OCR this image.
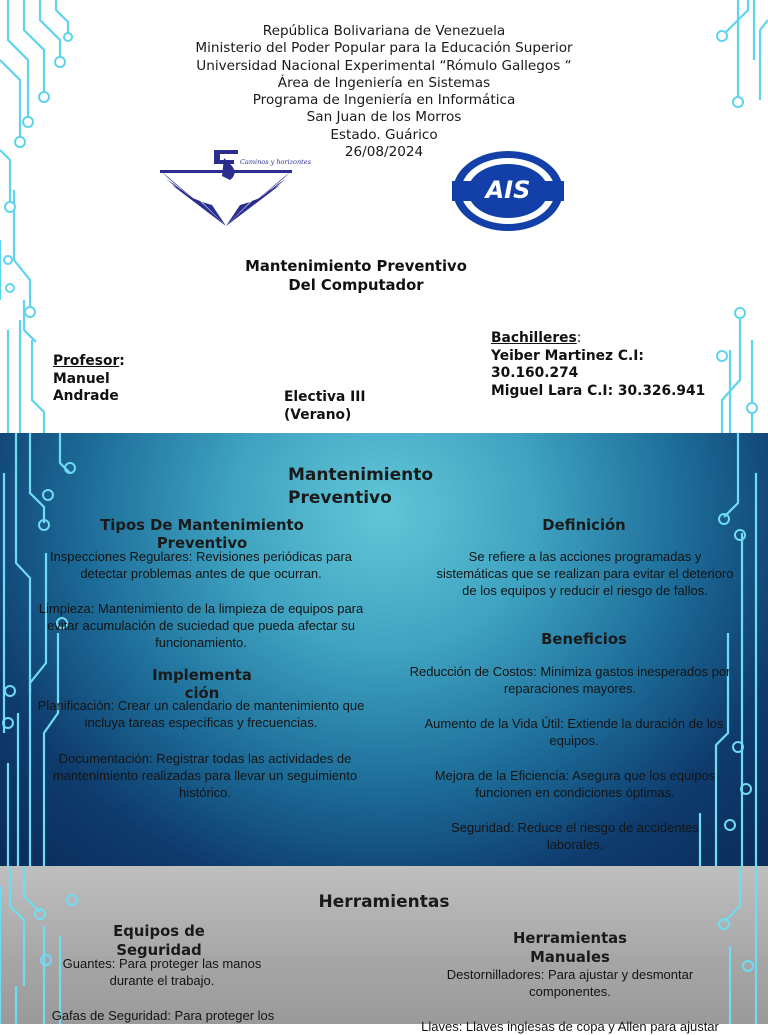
República Bolivariana de Venezuela
Ministerio del Poder Popular para la Educación Superior
Universidad Nacional Experimental “Rómulo Gallegos “
Área de Ingeniería en Sistemas
Programa de Ingeniería en Informática
San Juan de los Morros
Estado. Guárico
26/08/2024
Caminos y horizontes
AIS
Mantenimiento Preventivo
Del Computador
Profesor:
Manuel
Andrade	Electiva III
(Verano)
Bachilleres:
Yeiber Martinez C.I:
30.160.274
Miguel Lara C.I: 30.326.941
Mantenimiento
Preventivo
Tipos De Mantenimiento
Preventivo
Inspecciones Regulares: Revisiones periódicas para detectar problemas antes de que ocurran.
Limpieza: Mantenimiento de la limpieza de equipos para evitar acumulación de suciedad que pueda afectar su funcionamiento.
Implementa
ción
Planificación: Crear un calendario de mantenimiento que incluya tareas específicas y frecuencias.
Documentación: Registrar todas las actividades de mantenimiento realizadas para llevar un seguimiento histórico.
Definición
Se refiere a las acciones programadas y sistemáticas que se realizan para evitar el deterioro de los equipos y reducir el riesgo de fallos.
Beneficios
Reducción de Costos: Minimiza gastos inesperados por reparaciones mayores.
Aumento de la Vida Útil: Extiende la duración de los equipos.
Mejora de la Eficiencia: Asegura que los equipos funcionen en condiciones óptimas.
Seguridad: Reduce el riesgo de accidentes laborales.
Herramientas
Equipos de
Seguridad
Guantes: Para proteger las manos durante el trabajo.
Gafas de Seguridad: Para proteger los
Herramientas
Manuales
Destornilladores: Para ajustar y desmontar componentes.
Llaves: Llaves inglesas de copa y Allen para ajustar
